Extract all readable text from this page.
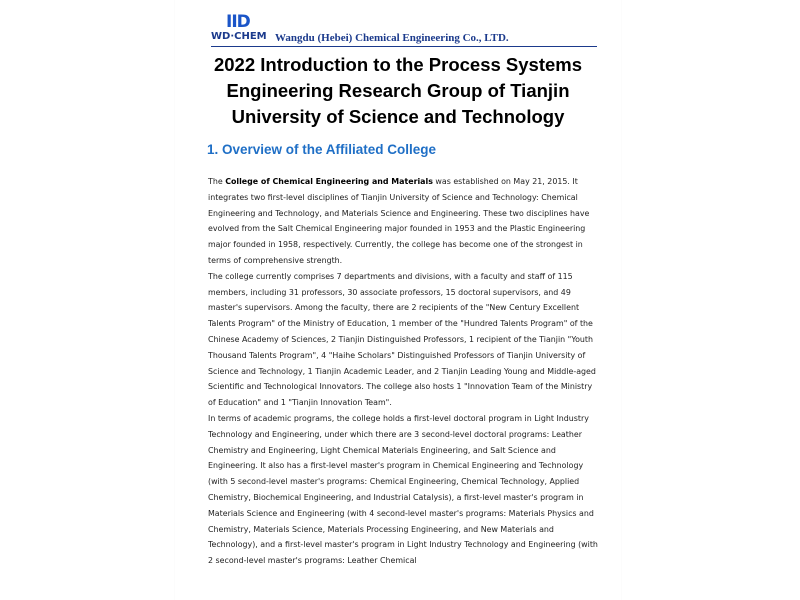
IID
WD·CHEM Wangdu (Hebei) Chemical Engineering Co., LTD.
2022 Introduction to the Process Systems Engineering Research Group of Tianjin University of Science and Technology
1. Overview of the Affiliated College

The College of Chemical Engineering and Materials was established on May 21, 2015. It integrates two first-level disciplines of Tianjin University of Science and Technology: Chemical Engineering and Technology, and Materials Science and Engineering. These two disciplines have evolved from the Salt Chemical Engineering major founded in 1953 and the Plastic Engineering major founded in 1958, respectively. Currently, the college has become one of the strongest in terms of comprehensive strength.

The college currently comprises 7 departments and divisions, with a faculty and staff of 115 members, including 31 professors, 30 associate professors, 15 doctoral supervisors, and 49 master's supervisors. Among the faculty, there are 2 recipients of the "New Century Excellent Talents Program" of the Ministry of Education, 1 member of the "Hundred Talents Program" of the Chinese Academy of Sciences, 2 Tianjin Distinguished Professors, 1 recipient of the Tianjin "Youth Thousand Talents Program", 4 "Haihe Scholars" Distinguished Professors of Tianjin University of Science and Technology, 1 Tianjin Academic Leader, and 2 Tianjin Leading Young and Middle-aged Scientific and Technological Innovators. The college also hosts 1 "Innovation Team of the Ministry of Education" and 1 "Tianjin Innovation Team".

In terms of academic programs, the college holds a first-level doctoral program in Light Industry Technology and Engineering, under which there are 3 second-level doctoral programs: Leather Chemistry and Engineering, Light Chemical Materials Engineering, and Salt Science and Engineering. It also has a first-level master's program in Chemical Engineering and Technology (with 5 second-level master's programs: Chemical Engineering, Chemical Technology, Applied Chemistry, Biochemical Engineering, and Industrial Catalysis), a first-level master's program in Materials Science and Engineering (with 4 second-level master's programs: Materials Physics and Chemistry, Materials Science, Materials Processing Engineering, and New Materials and Technology), and a first-level master's program in Light Industry Technology and Engineering (with 2 second-level master's programs: Leather Chemical
